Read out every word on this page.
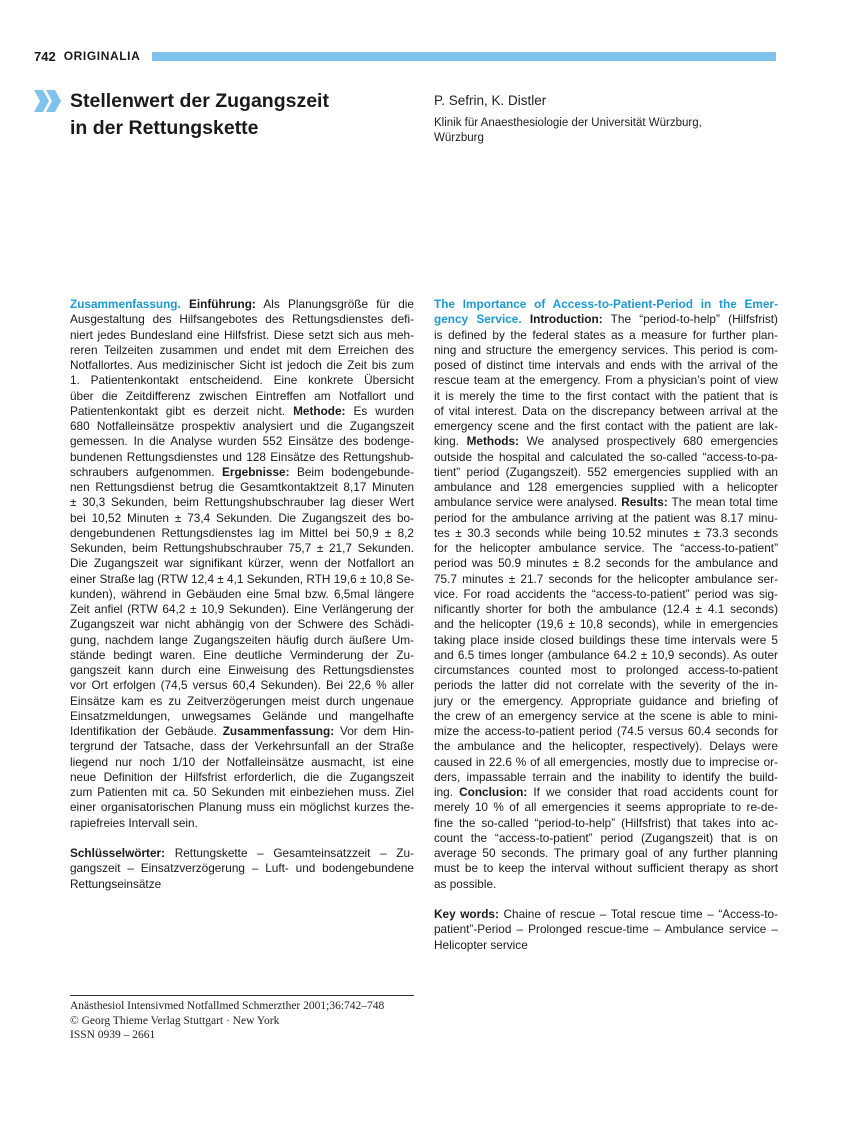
742 ORIGINALIA
Stellenwert der Zugangszeit
in der Rettungskette
P. Sefrin, K. Distler
Klinik für Anaesthesiologie der Universität Würzburg,
Würzburg
Zusammenfassung. Einführung: Als Planungsgröße für die
Ausgestaltung des Hilfsangebotes des Rettungsdienstes defi-
niert jedes Bundesland eine Hilfsfrist. Diese setzt sich aus meh-
reren Teilzeiten zusammen und endet mit dem Erreichen des
Notfallortes. Aus medizinischer Sicht ist jedoch die Zeit bis zum
1. Patientenkontakt entscheidend. Eine konkrete Übersicht
über die Zeitdifferenz zwischen Eintreffen am Notfallort und
Patientenkontakt gibt es derzeit nicht. Methode: Es wurden
680 Notfalleinsätze prospektiv analysiert und die Zugangszeit
gemessen. In die Analyse wurden 552 Einsätze des bodenge-
bundenen Rettungsdienstes und 128 Einsätze des Rettungshub-
schraubers aufgenommen. Ergebnisse: Beim bodengebunde-
nen Rettungsdienst betrug die Gesamtkontaktzeit 8,17 Minuten
± 30,3 Sekunden, beim Rettungshubschrauber lag dieser Wert
bei 10,52 Minuten ± 73,4 Sekunden. Die Zugangszeit des bo-
dengebundenen Rettungsdienstes lag im Mittel bei 50,9 ± 8,2
Sekunden, beim Rettungshubschrauber 75,7 ± 21,7 Sekunden.
Die Zugangszeit war signifikant kürzer, wenn der Notfallort an
einer Straße lag (RTW 12,4 ± 4,1 Sekunden, RTH 19,6 ± 10,8 Se-
kunden), während in Gebäuden eine 5mal bzw. 6,5mal längere
Zeit anfiel (RTW 64,2 ± 10,9 Sekunden). Eine Verlängerung der
Zugangszeit war nicht abhängig von der Schwere des Schädi-
gung, nachdem lange Zugangszeiten häufig durch äußere Um-
stände bedingt waren. Eine deutliche Verminderung der Zu-
gangszeit kann durch eine Einweisung des Rettungsdienstes
vor Ort erfolgen (74,5 versus 60,4 Sekunden). Bei 22,6 % aller
Einsätze kam es zu Zeitverzögerungen meist durch ungenaue
Einsatzmeldungen, unwegsames Gelände und mangelhafte
Identifikation der Gebäude. Zusammenfassung: Vor dem Hin-
tergrund der Tatsache, dass der Verkehrsunfall an der Straße
liegend nur noch 1/10 der Notfalleinsätze ausmacht, ist eine
neue Definition der Hilfsfrist erforderlich, die die Zugangszeit
zum Patienten mit ca. 50 Sekunden mit einbeziehen muss. Ziel
einer organisatorischen Planung muss ein möglichst kurzes the-
rapiefreies Intervall sein.
Schlüsselwörter: Rettungskette – Gesamteinsatzzeit – Zu-
gangszeit – Einsatzverzögerung – Luft- und bodengebundene
Rettungseinsätze
The Importance of Access-to-Patient-Period in the Emer-
gency Service. Introduction: The “period-to-help” (Hilfsfrist)
is defined by the federal states as a measure for further plan-
ning and structure the emergency services. This period is com-
posed of distinct time intervals and ends with the arrival of the
rescue team at the emergency. From a physician’s point of view
it is merely the time to the first contact with the patient that is
of vital interest. Data on the discrepancy between arrival at the
emergency scene and the first contact with the patient are lak-
king. Methods: We analysed prospectively 680 emergencies
outside the hospital and calculated the so-called “access-to-pa-
tient” period (Zugangszeit). 552 emergencies supplied with an
ambulance and 128 emergencies supplied with a helicopter
ambulance service were analysed. Results: The mean total time
period for the ambulance arriving at the patient was 8.17 minu-
tes ± 30.3 seconds while being 10.52 minutes ± 73.3 seconds
for the helicopter ambulance service. The “access-to-patient”
period was 50.9 minutes ± 8.2 seconds for the ambulance and
75.7 minutes ± 21.7 seconds for the helicopter ambulance ser-
vice. For road accidents the “access-to-patient” period was sig-
nificantly shorter for both the ambulance (12.4 ± 4.1 seconds)
and the helicopter (19,6 ± 10,8 seconds), while in emergencies
taking place inside closed buildings these time intervals were 5
and 6.5 times longer (ambulance 64.2 ± 10,9 seconds). As outer
circumstances counted most to prolonged access-to-patient
periods the latter did not correlate with the severity of the in-
jury or the emergency. Appropriate guidance and briefing of
the crew of an emergency service at the scene is able to mini-
mize the access-to-patient period (74.5 versus 60.4 seconds for
the ambulance and the helicopter, respectively). Delays were
caused in 22.6 % of all emergencies, mostly due to imprecise or-
ders, impassable terrain and the inability to identify the build-
ing. Conclusion: If we consider that road accidents count for
merely 10 % of all emergencies it seems appropriate to re-de-
fine the so-called “period-to-help” (Hilfsfrist) that takes into ac-
count the “access-to-patient” period (Zugangszeit) that is on
average 50 seconds. The primary goal of any further planning
must be to keep the interval without sufficient therapy as short
as possible.
Key words: Chaine of rescue – Total rescue time – “Access-to-
patient”-Period – Prolonged rescue-time – Ambulance service –
Helicopter service
Anästhesiol Intensivmed Notfallmed Schmerzther 2001;36:742–748
© Georg Thieme Verlag Stuttgart · New York
ISSN 0939 – 2661
